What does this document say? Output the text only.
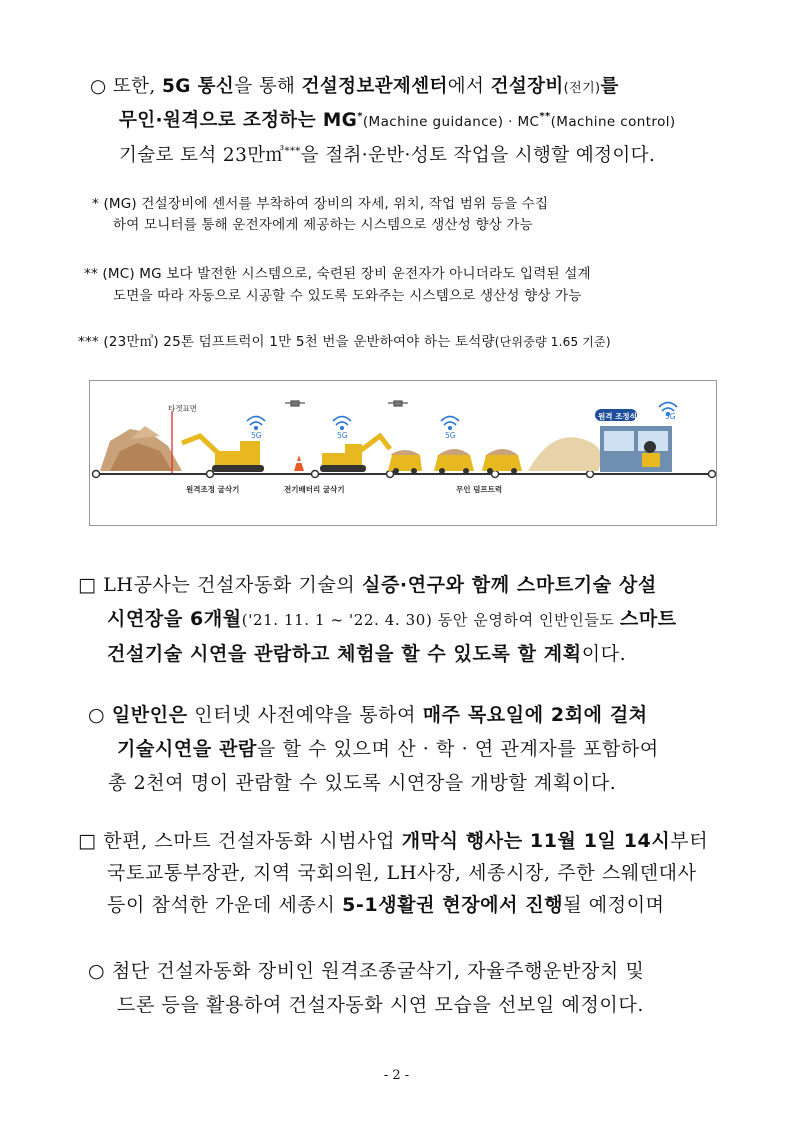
○ 또한, 5G 통신을 통해 건설정보관제센터에서 건설장비(전기)를
무인·원격으로 조정하는 MG*(Machine guidance) · MC**(Machine control)
기술로 토석 23만㎥***을 절취·운반·성토 작업을 시행할 예정이다.
* (MG) 건설장비에 센서를 부착하여 장비의 자세, 위치, 작업 범위 등을 수집
하여 모니터를 통해 운전자에게 제공하는 시스템으로 생산성 향상 가능
** (MC) MG 보다 발전한 시스템으로, 숙련된 장비 운전자가 아니더라도 입력된 설계
도면을 따라 자동으로 시공할 수 있도록 도와주는 시스템으로 생산성 향상 가능
*** (23만㎥) 25톤 덤프트럭이 1만 5천 번을 운반하여야 하는 토석량(단위중량 1.65 기준)
타겟표면
5G	5G	5G
5G
원격 조정석
원격조정 굴삭기	전기배터리 굴삭기	무인 덤프트럭
□ LH공사는 건설자동화 기술의 실증·연구와 함께 스마트기술 상설
시연장을 6개월('21. 11. 1 ~ '22. 4. 30) 동안 운영하여 인반인들도 스마트
건설기술 시연을 관람하고 체험을 할 수 있도록 할 계획이다.
○ 일반인은 인터넷 사전예약을 통하여 매주 목요일에 2회에 걸쳐
기술시연을 관람을 할 수 있으며 산 · 학 · 연 관계자를 포함하여
총 2천여 명이 관람할 수 있도록 시연장을 개방할 계획이다.
□ 한편, 스마트 건설자동화 시범사업 개막식 행사는 11월 1일 14시부터
국토교통부장관, 지역 국회의원, LH사장, 세종시장, 주한 스웨덴대사
등이 참석한 가운데 세종시 5-1생활권 현장에서 진행될 예정이며
○ 첨단 건설자동화 장비인 원격조종굴삭기, 자율주행운반장치 및
드론 등을 활용하여 건설자동화 시연 모습을 선보일 예정이다.
- 2 -
